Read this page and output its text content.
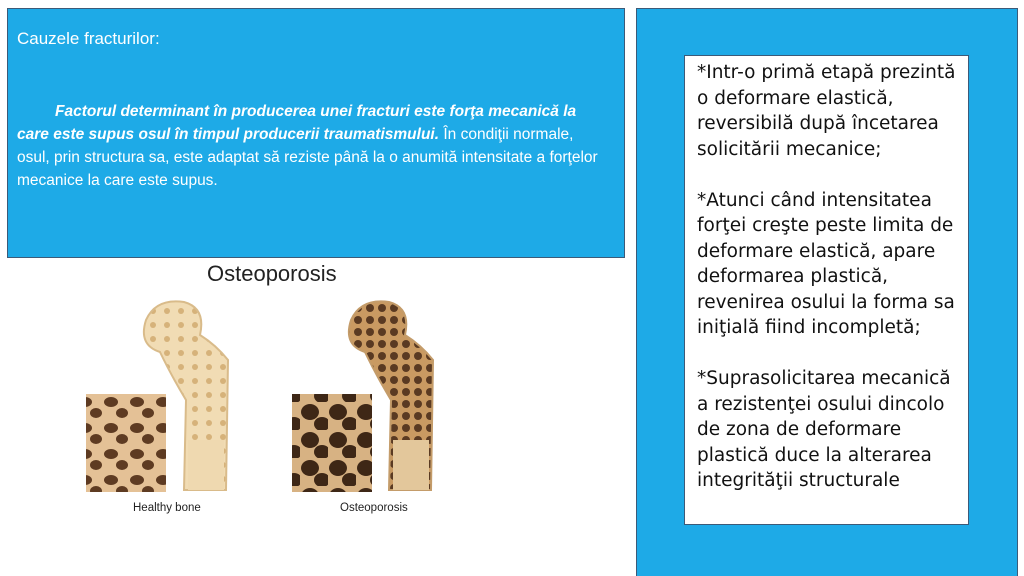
Cauzele fracturilor:
Factorul determinant în producerea unei fracturi este forţa mecanică la care este supus osul în timpul producerii traumatismului. În condiţii normale, osul, prin structura sa, este adaptat să reziste până la o anumită intensitate a forţelor mecanice la care este supus.
*Intr-o primă etapă prezintă o deformare elastică, reversibilă după încetarea solicitării mecanice;

*Atunci când intensitatea forţei creşte peste limita de deformare elastică, apare deformarea plastică, revenirea osului la forma sa iniţială fiind incompletă;

*Suprasolicitarea mecanică a rezistenţei osului dincolo de zona de deformare plastică duce la alterarea integrităţii structurale
Osteoporosis
Healthy bone	Osteoporosis
